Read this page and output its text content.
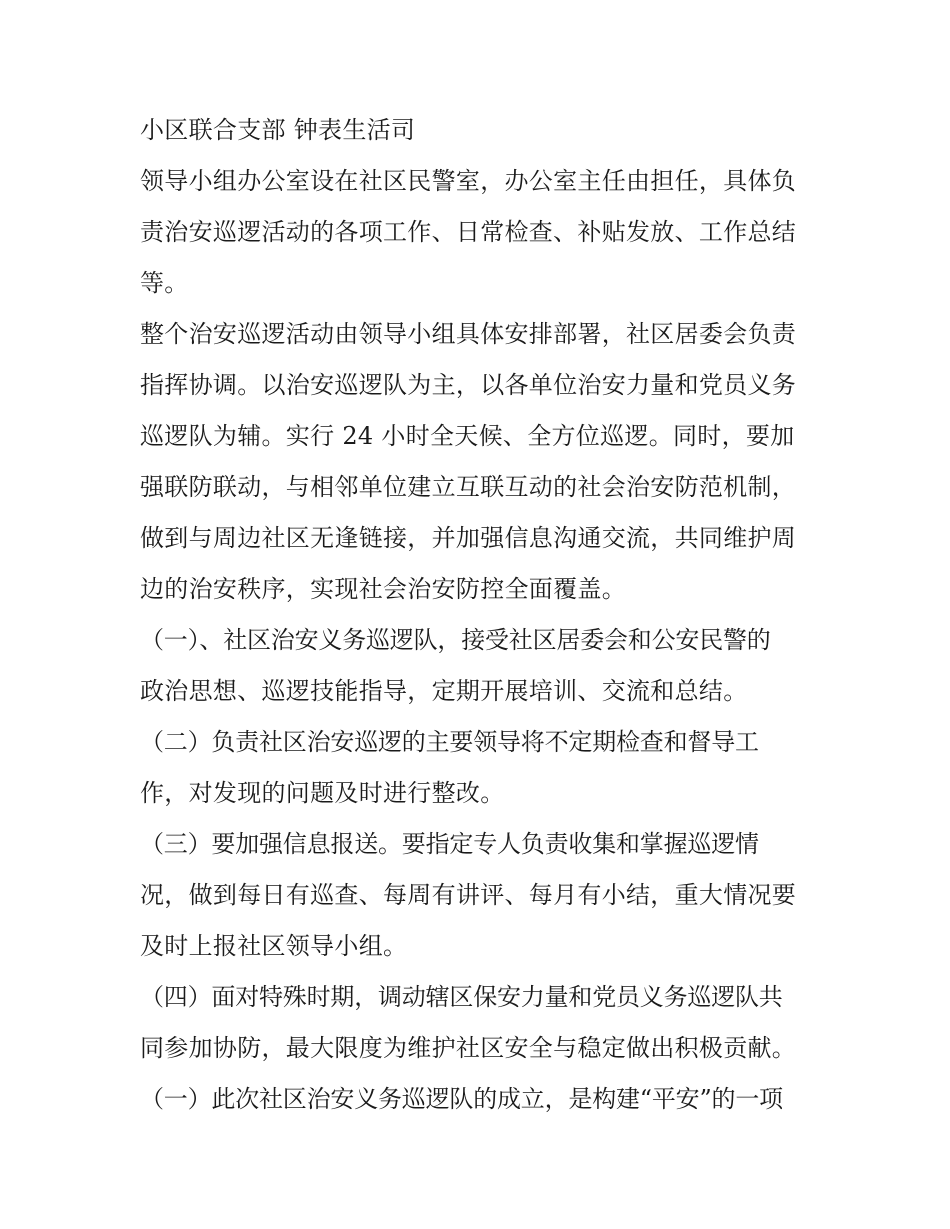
小区联合支部 钟表生活司
领导小组办公室设在社区民警室，办公室主任由担任，具体负
责治安巡逻活动的各项工作、日常检查、补贴发放、工作总结
等。
整个治安巡逻活动由领导小组具体安排部署，社区居委会负责
指挥协调。以治安巡逻队为主，以各单位治安力量和党员义务
巡逻队为辅。实行 24 小时全天候、全方位巡逻。同时，要加
强联防联动，与相邻单位建立互联互动的社会治安防范机制，
做到与周边社区无逢链接，并加强信息沟通交流，共同维护周
边的治安秩序，实现社会治安防控全面覆盖。
（一）、社区治安义务巡逻队，接受社区居委会和公安民警的
政治思想、巡逻技能指导，定期开展培训、交流和总结。
（二）负责社区治安巡逻的主要领导将不定期检查和督导工
作，对发现的问题及时进行整改。
（三）要加强信息报送。要指定专人负责收集和掌握巡逻情
况，做到每日有巡查、每周有讲评、每月有小结，重大情况要
及时上报社区领导小组。
（四）面对特殊时期，调动辖区保安力量和党员义务巡逻队共
同参加协防，最大限度为维护社区安全与稳定做出积极贡献。
（一）此次社区治安义务巡逻队的成立，是构建“平安”的一项
